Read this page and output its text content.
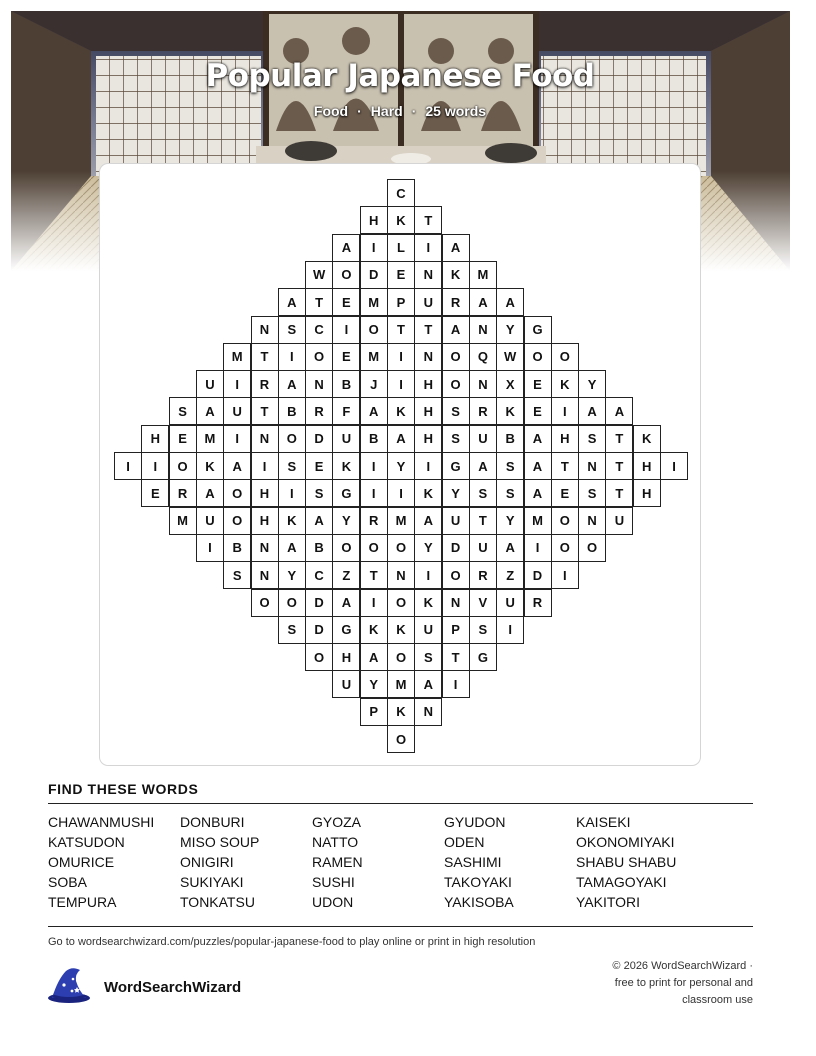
Popular Japanese Food
Food · Hard · 25 words
C
H	K	T
A	I	L	I	A
W	O	D	E	N	K	M
A	T	E	M	P	U	R	A	A
N	S	C	I	O	T	T	A	N	Y	G
M	T	I	O	E	M	I	N	O	Q	W	O	O
U	I	R	A	N	B	J	I	H	O	N	X	E	K	Y
S	A	U	T	B	R	F	A	K	H	S	R	K	E	I	A	A
H	E	M	I	N	O	D	U	B	A	H	S	U	B	A	H	S	T	K
I	I	O	K	A	I	S	E	K	I	Y	I	G	A	S	A	T	N	T	H	I
E	R	A	O	H	I	S	G	I	I	K	Y	S	S	A	E	S	T	H
M	U	O	H	K	A	Y	R	M	A	U	T	Y	M	O	N	U
I	B	N	A	B	O	O	O	Y	D	U	A	I	O	O
S	N	Y	C	Z	T	N	I	O	R	Z	D	I
O	O	D	A	I	O	K	N	V	U	R
S	D	G	K	K	U	P	S	I
O	H	A	O	S	T	G
U	Y	M	A	I
P	K	N
O
FIND THESE WORDS
CHAWANMUSHI	DONBURI	GYOZA	GYUDON	KAISEKI
KATSUDON	MISO SOUP	NATTO	ODEN	OKONOMIYAKI
OMURICE	ONIGIRI	RAMEN	SASHIMI	SHABU SHABU
SOBA	SUKIYAKI	SUSHI	TAKOYAKI	TAMAGOYAKI
TEMPURA	TONKATSU	UDON	YAKISOBA	YAKITORI
Go to wordsearchwizard.com/puzzles/popular-japanese-food to play online or print in high resolution
WordSearchWizard
© 2026 WordSearchWizard ·
free to print for personal and
classroom use
